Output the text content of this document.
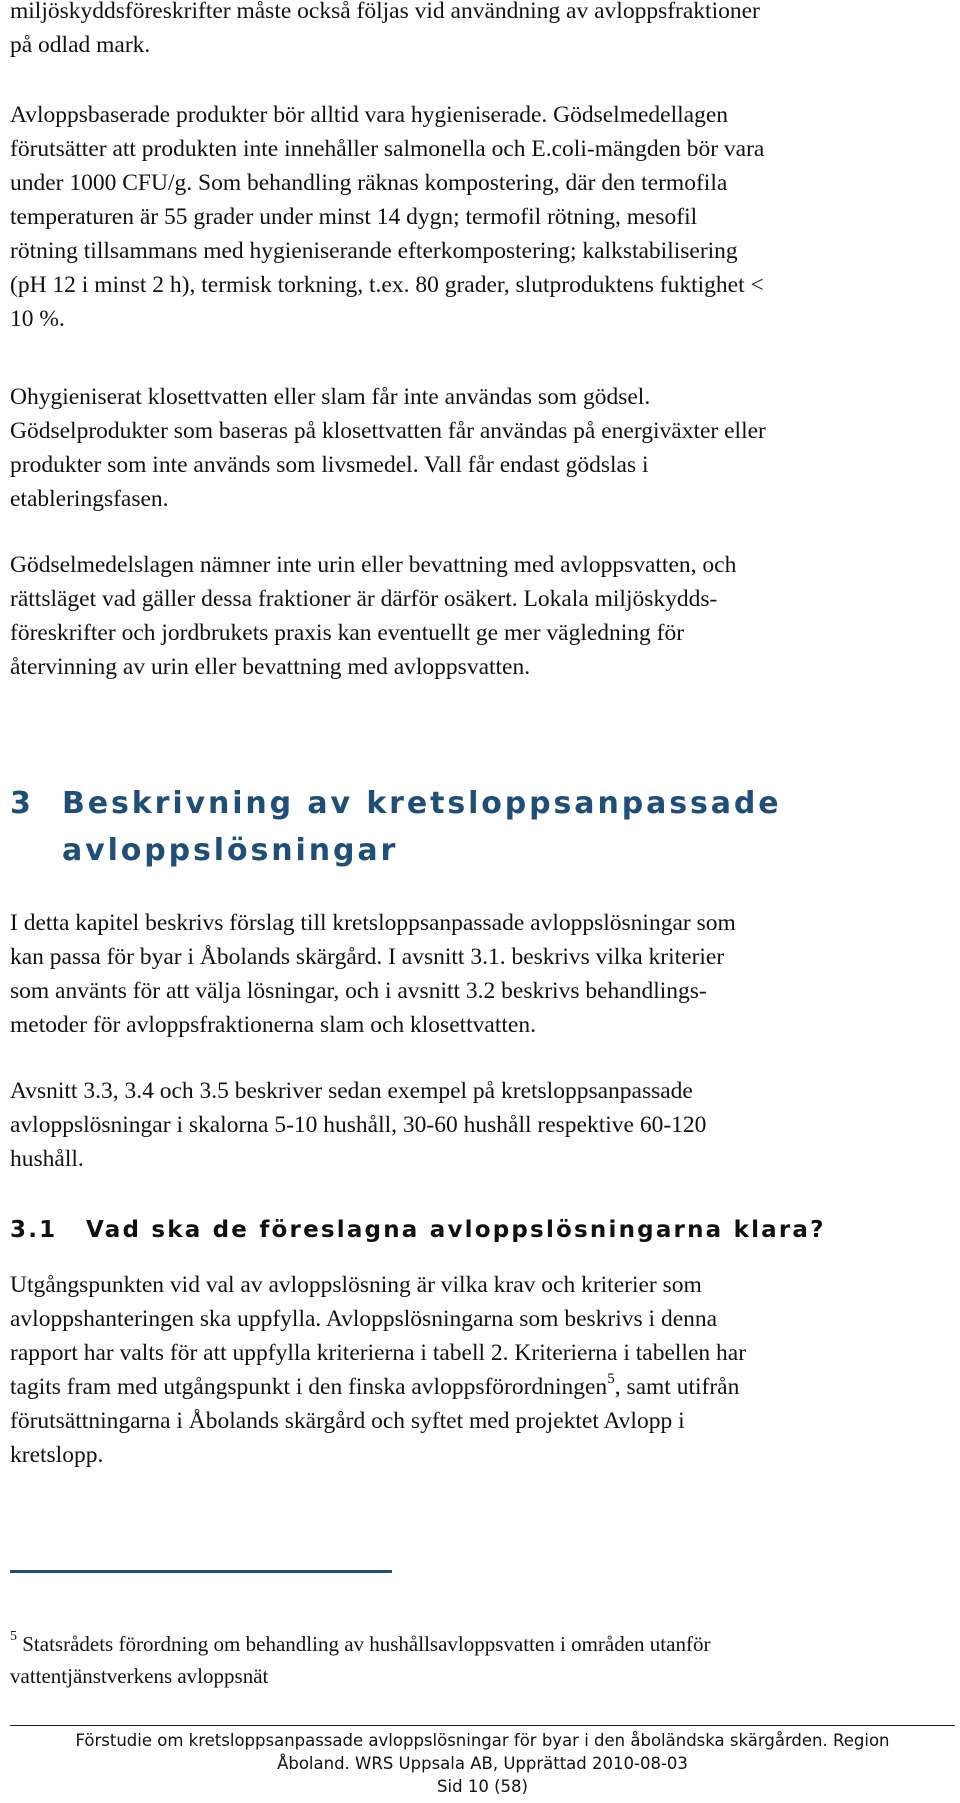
miljöskyddsföreskrifter måste också följas vid användning av avloppsfraktioner
på odlad mark.

Avloppsbaserade produkter bör alltid vara hygieniserade. Gödselmedellagen
förutsätter att produkten inte innehåller salmonella och E.coli-mängden bör vara
under 1000 CFU/g. Som behandling räknas kompostering, där den termofila
temperaturen är 55 grader under minst 14 dygn; termofil rötning, mesofil
rötning tillsammans med hygieniserande efterkompostering; kalkstabilisering
(pH 12 i minst 2 h), termisk torkning, t.ex. 80 grader, slutproduktens fuktighet <
10 %.

Ohygieniserat klosettvatten eller slam får inte användas som gödsel.
Gödselprodukter som baseras på klosettvatten får användas på energiväxter eller
produkter som inte används som livsmedel. Vall får endast gödslas i
etableringsfasen.

Gödselmedelslagen nämner inte urin eller bevattning med avloppsvatten, och
rättsläget vad gäller dessa fraktioner är därför osäkert. Lokala miljöskydds-
föreskrifter och jordbrukets praxis kan eventuellt ge mer vägledning för
återvinning av urin eller bevattning med avloppsvatten.

3 Beskrivning av kretsloppsanpassade
avloppslösningar

I detta kapitel beskrivs förslag till kretsloppsanpassade avloppslösningar som
kan passa för byar i Åbolands skärgård. I avsnitt 3.1. beskrivs vilka kriterier
som använts för att välja lösningar, och i avsnitt 3.2 beskrivs behandlings-
metoder för avloppsfraktionerna slam och klosettvatten.

Avsnitt 3.3, 3.4 och 3.5 beskriver sedan exempel på kretsloppsanpassade
avloppslösningar i skalorna 5-10 hushåll, 30-60 hushåll respektive 60-120
hushåll.

3.1 Vad ska de föreslagna avloppslösningarna klara?

Utgångspunkten vid val av avloppslösning är vilka krav och kriterier som
avloppshanteringen ska uppfylla. Avloppslösningarna som beskrivs i denna
rapport har valts för att uppfylla kriterierna i tabell 2. Kriterierna i tabellen har
tagits fram med utgångspunkt i den finska avloppsförordningen$^5$, samt utifrån
förutsättningarna i Åbolands skärgård och syftet med projektet Avlopp i
kretslopp.

$^5$ Statsrådets förordning om behandling av hushållsavloppsvatten i områden utanför
vattentjänstverkens avloppsnät

Förstudie om kretsloppsanpassade avloppslösningar för byar i den åboländska skärgården. Region
Åboland. WRS Uppsala AB, Upprättad 2010-08-03
Sid 10 (58)
